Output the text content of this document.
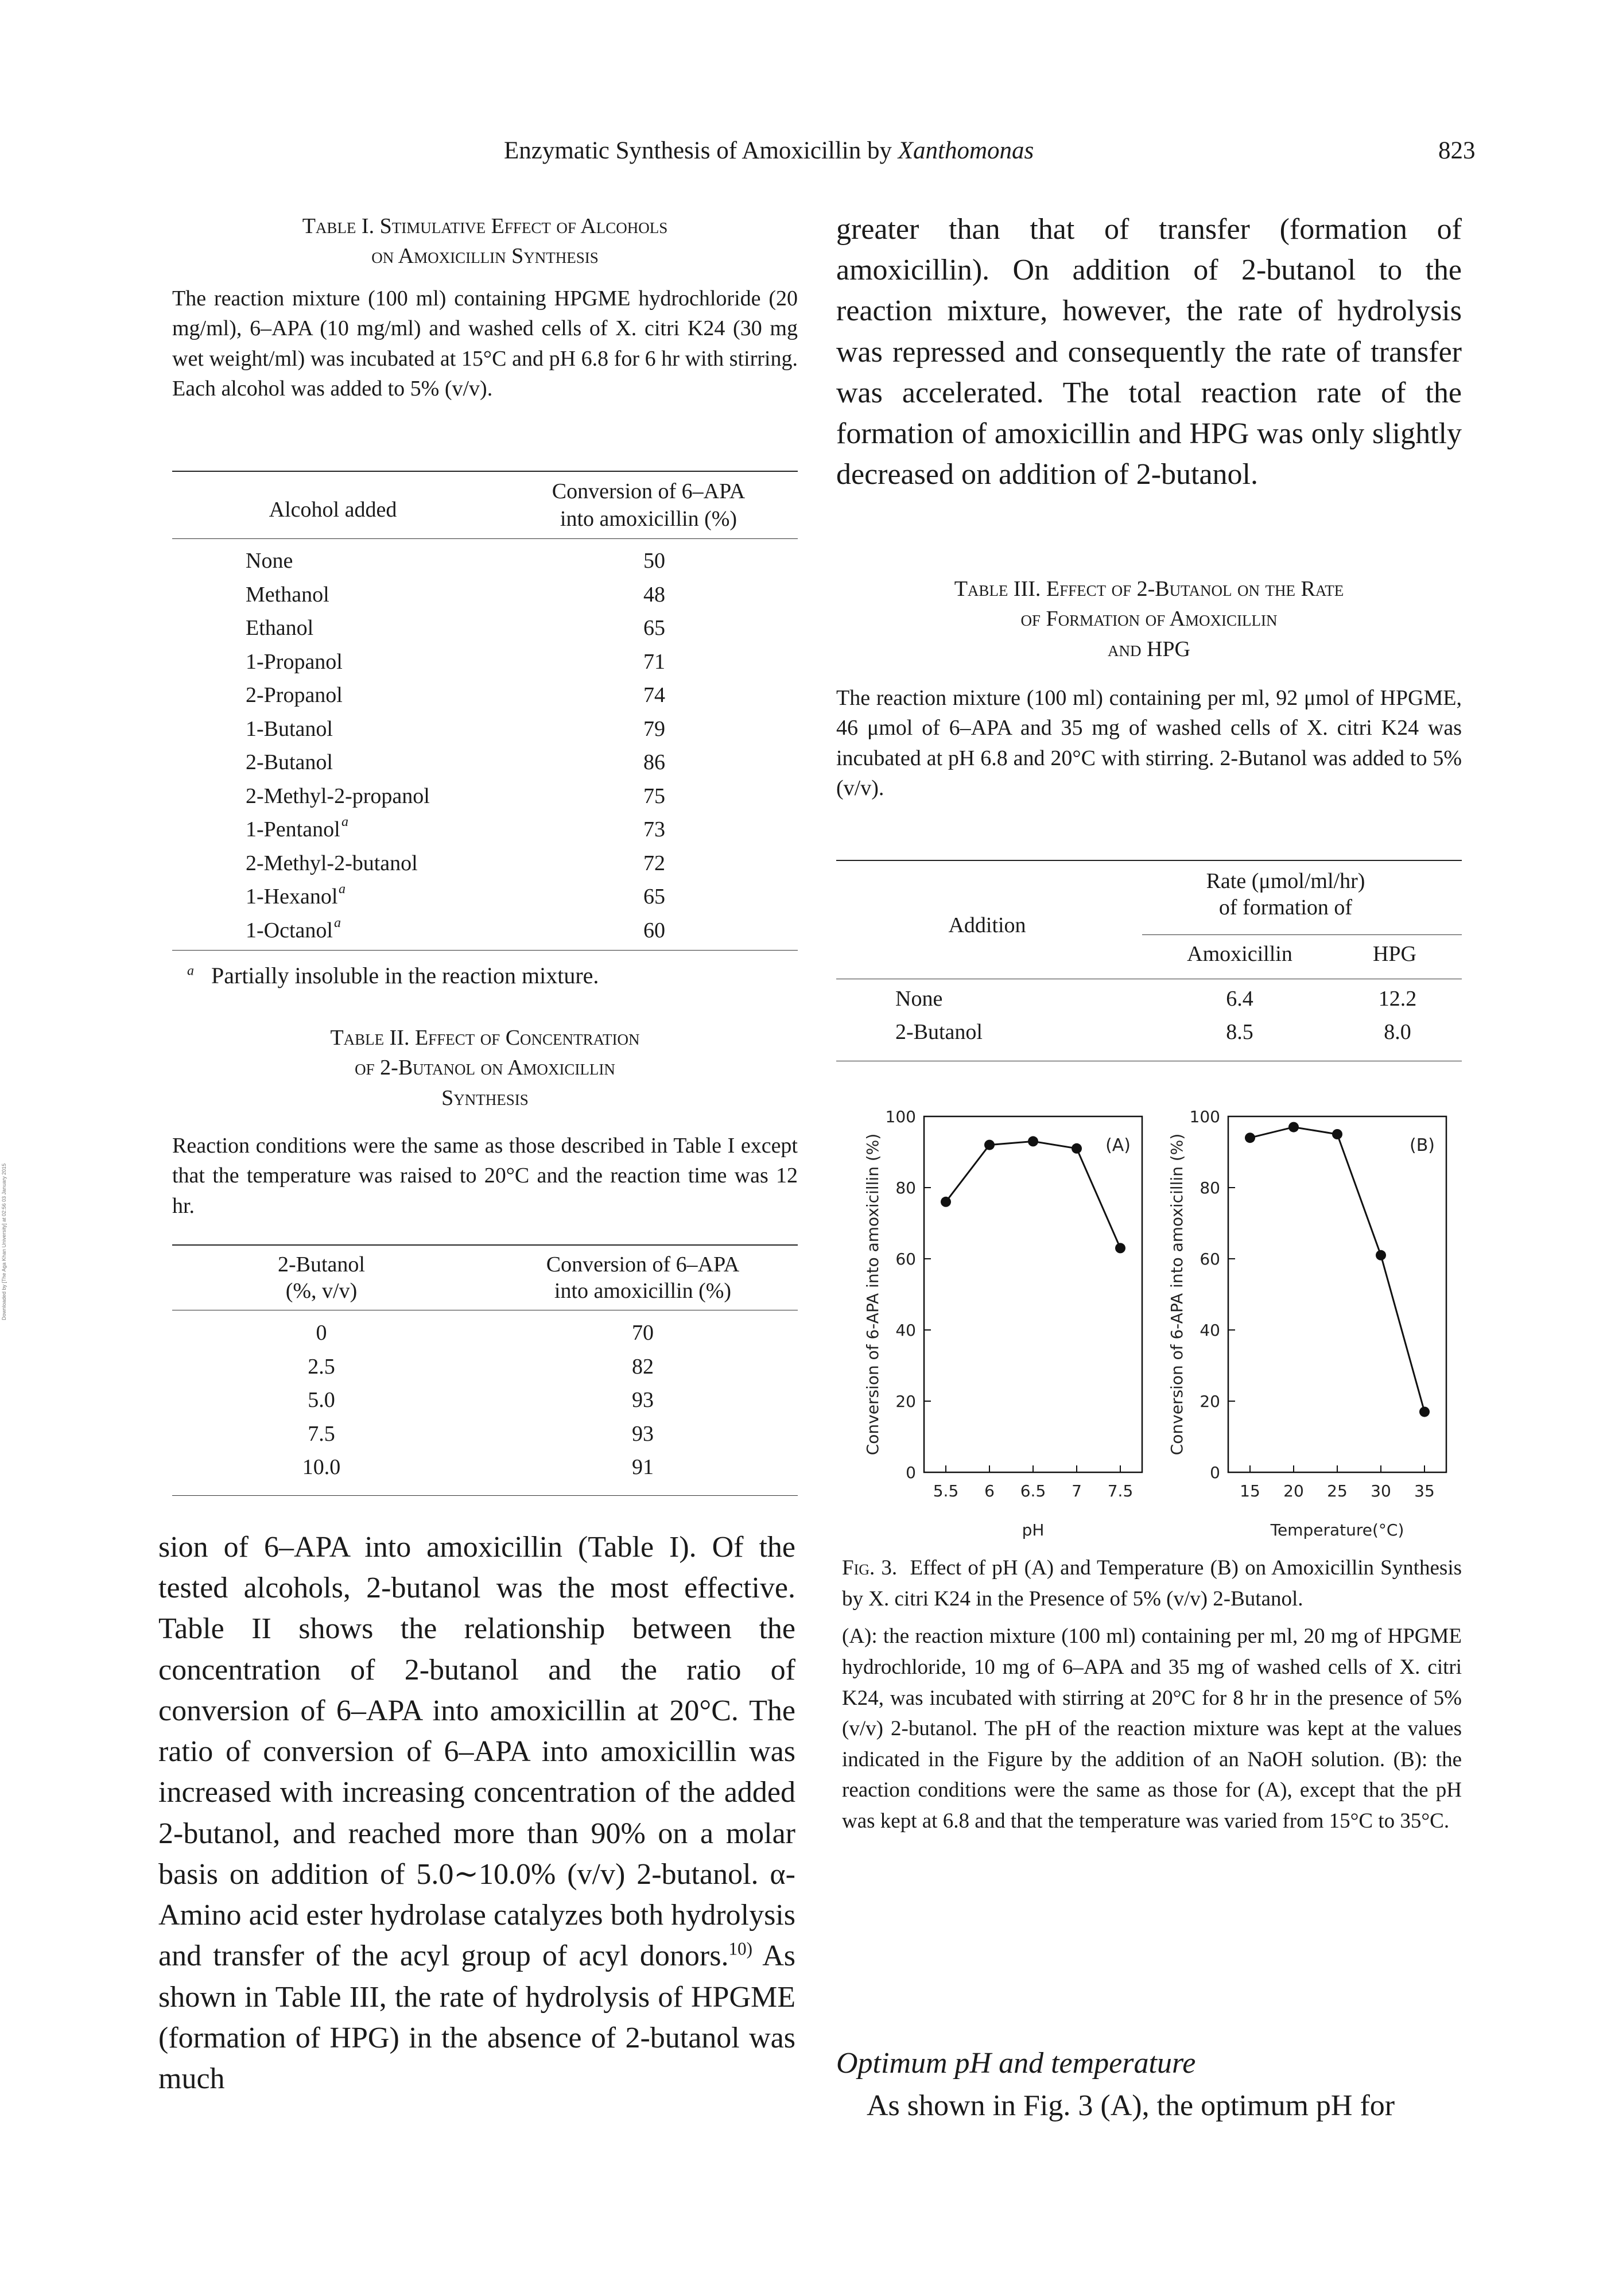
Enzymatic Synthesis of Amoxicillin by Xanthomonas	823
Downloaded by [The Aga Khan University] at 02:56 03 January 2015
Table I. Stimulative Effect of Alcohols
on Amoxicillin Synthesis
The reaction mixture (100 ml) containing HPGME hydrochloride (20 mg/ml), 6–APA (10 mg/ml) and washed cells of X. citri K24 (30 mg wet weight/ml) was incubated at 15°C and pH 6.8 for 6 hr with stirring. Each alcohol was added to 5% (v/v).
Alcohol added
Conversion of 6–APA
into amoxicillin (%)
None	50
Methanol	48
Ethanol	65
1-Propanol	71
2-Propanol	74
1-Butanol	79
2-Butanol	86
2-Methyl-2-propanol	75
1-Pentanol a	73
2-Methyl-2-butanol	72
1-Hexanol a	65
1-Octanol a	60
$^a$ Partially insoluble in the reaction mixture.
Table II. Effect of Concentration
of 2-Butanol on Amoxicillin
Synthesis
Reaction conditions were the same as those described in Table I except that the temperature was raised to 20°C and the reaction time was 12 hr.
2-Butanol
(%, v/v)
Conversion of 6–APA
into amoxicillin (%)
0	70
2.5	82
5.0	93
7.5	93
10.0	91
sion of 6–APA into amoxicillin (Table I). Of the tested alcohols, 2-butanol was the most effective. Table II shows the relationship between the concentration of 2-butanol and the ratio of conversion of 6–APA into amoxicillin at 20°C. The ratio of conversion of 6–APA into amoxicillin was increased with increasing concentration of the added 2-butanol, and reached more than 90% on a molar basis on addition of 5.0∼10.0% (v/v) 2-butanol. α-Amino acid ester hydrolase catalyzes both hydrolysis and transfer of the acyl group of acyl donors.$^{10)}$ As shown in Table III, the rate of hydrolysis of HPGME (formation of HPG) in the absence of 2-butanol was much
greater than that of transfer (formation of amoxicillin). On addition of 2-butanol to the reaction mixture, however, the rate of hydrolysis was repressed and consequently the rate of transfer was accelerated. The total reaction rate of the formation of amoxicillin and HPG was only slightly decreased on addition of 2-butanol.
Table III. Effect of 2-Butanol on the Rate
of Formation of Amoxicillin
and HPG
The reaction mixture (100 ml) containing per ml, 92 μmol of HPGME, 46 μmol of 6–APA and 35 mg of washed cells of X. citri K24 was incubated at pH 6.8 and 20°C with stirring. 2-Butanol was added to 5% (v/v).
Addition
Rate (μmol/ml/hr)
of formation of
Amoxicillin	HPG
None	6.4	12.2
2-Butanol	8.5	8.0
Conversion of 6-APA into amoxicillin (%)
pH
(A)
0
20
40
60
80
100
5.5 6 6.5 7 7.5
Conversion of 6-APA into amoxicillin (%)
Temperature(°C)
(B)
0
20
40
60
80
100
15 20 25 30 35
Fig. 3. Effect of pH (A) and Temperature (B) on Amoxicillin Synthesis by X. citri K24 in the Presence of 5% (v/v) 2-Butanol.
(A): the reaction mixture (100 ml) containing per ml, 20 mg of HPGME hydrochloride, 10 mg of 6–APA and 35 mg of washed cells of X. citri K24, was incubated with stirring at 20°C for 8 hr in the presence of 5% (v/v) 2-butanol. The pH of the reaction mixture was kept at the values indicated in the Figure by the addition of an NaOH solution. (B): the reaction conditions were the same as those for (A), except that the pH was kept at 6.8 and that the temperature was varied from 15°C to 35°C.
Optimum pH and temperature
As shown in Fig. 3 (A), the optimum pH for
